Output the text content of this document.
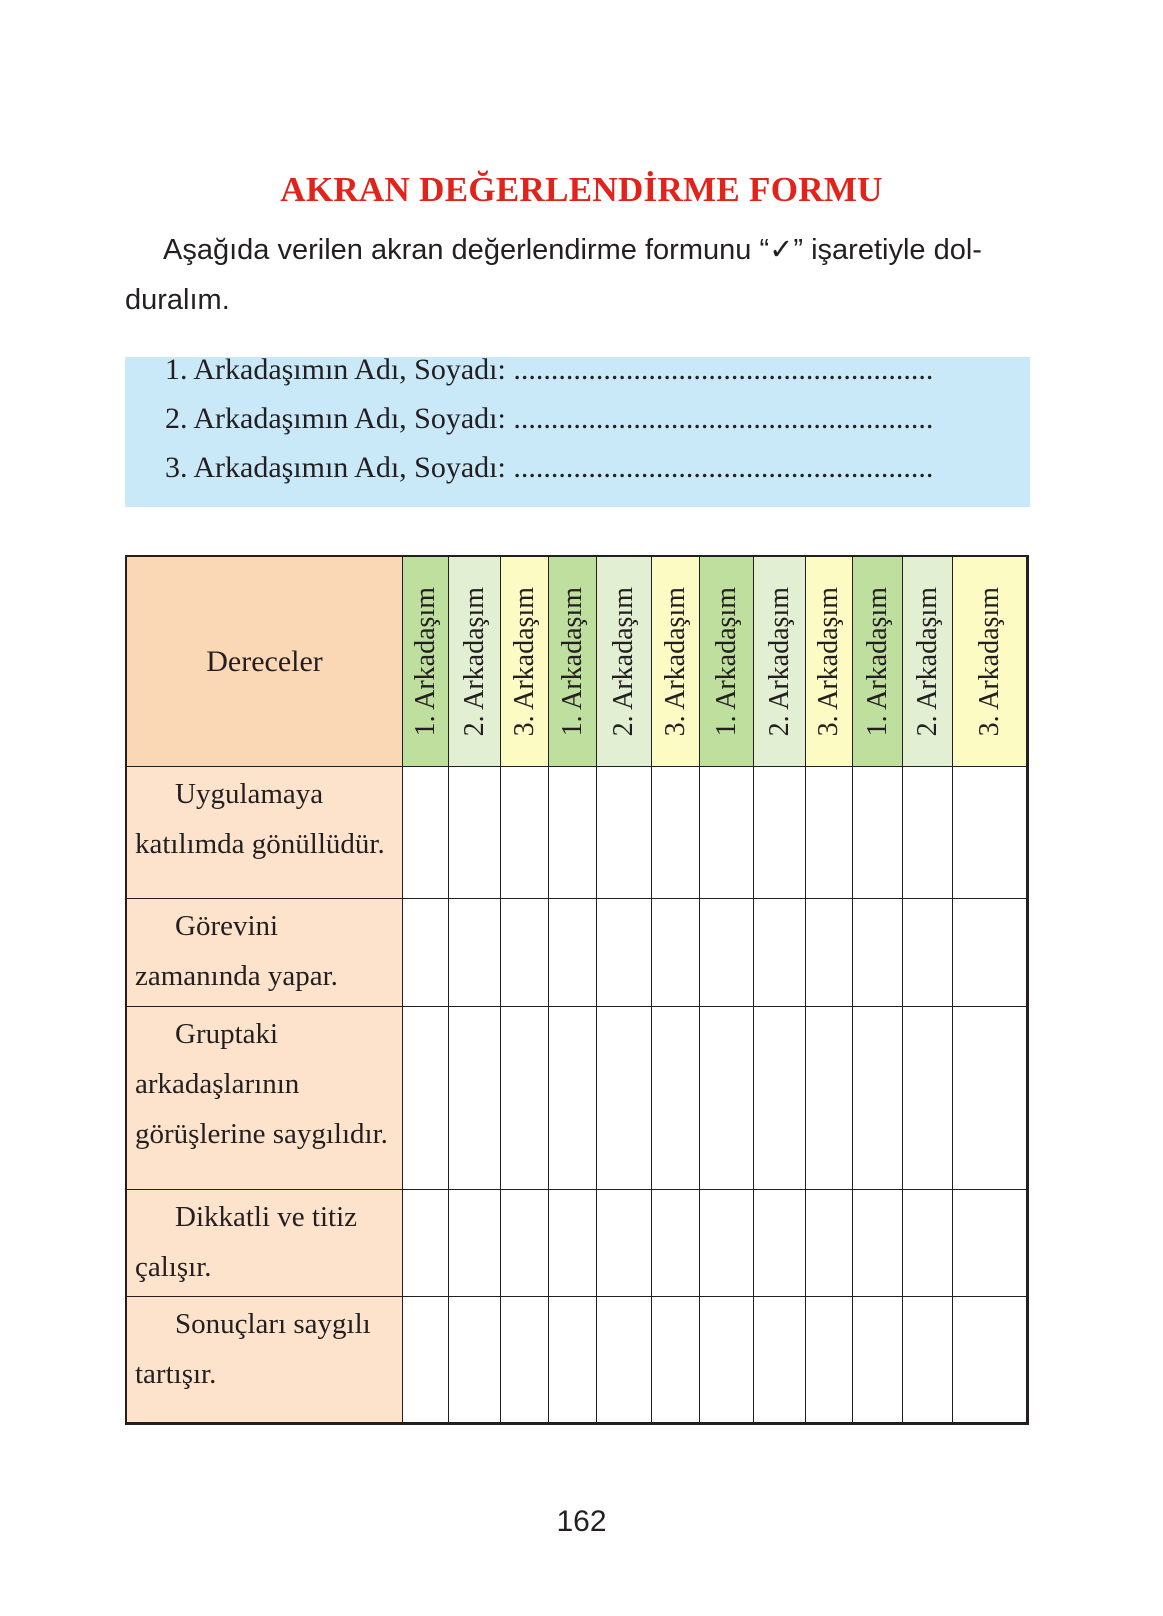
AKRAN DEĞERLENDİRME FORMU
Aşağıda verilen akran değerlendirme formunu “✓” işaretiyle dol-
duralım.
1. Arkadaşımın Adı, Soyadı: ........................................................
2. Arkadaşımın Adı, Soyadı: ........................................................
3. Arkadaşımın Adı, Soyadı: ........................................................
Dereceler	1. Arkadaşım 2. Arkadaşım 3. Arkadaşım 1. Arkadaşım 2. Arkadaşım 3. Arkadaşım 1. Arkadaşım 2. Arkadaşım 3. Arkadaşım 1. Arkadaşım 2. Arkadaşım 3. Arkadaşım
Uygulamaya katılımda gönüllüdür.
Görevini zamanında yapar.
Gruptaki arkadaşlarının görüşlerine saygılıdır.
Dikkatli ve titiz çalışır.
Sonuçları saygılı tartışır.
162
